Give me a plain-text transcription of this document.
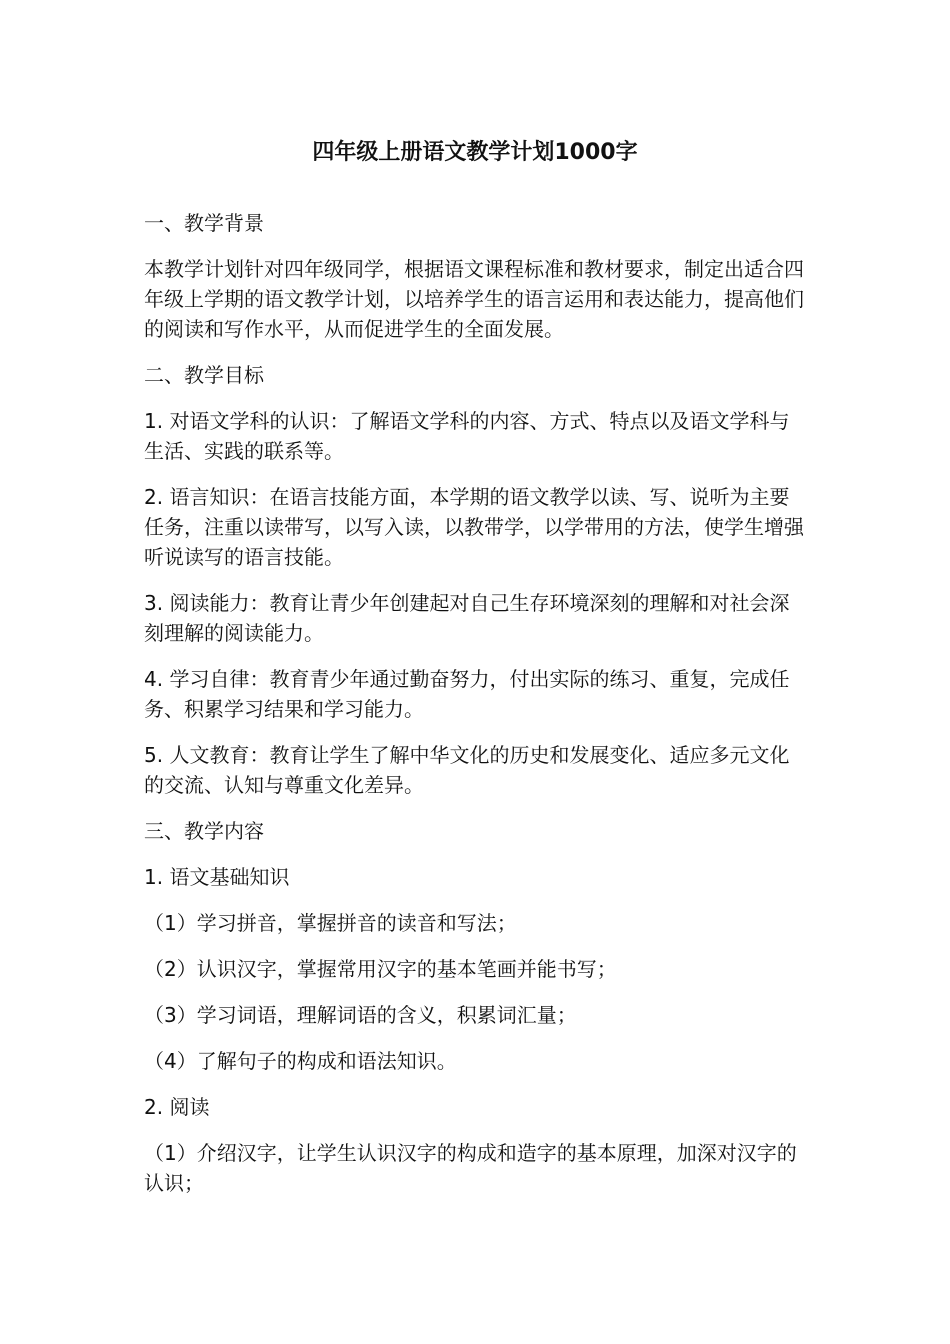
四年级上册语文教学计划1000字

一、教学背景

本教学计划针对四年级同学，根据语文课程标准和教材要求，制定出适合四年级上学期的语文教学计划，以培养学生的语言运用和表达能力，提高他们的阅读和写作水平，从而促进学生的全面发展。

二、教学目标

1. 对语文学科的认识：了解语文学科的内容、方式、特点以及语文学科与生活、实践的联系等。

2. 语言知识：在语言技能方面，本学期的语文教学以读、写、说听为主要任务，注重以读带写，以写入读，以教带学，以学带用的方法，使学生增强听说读写的语言技能。

3. 阅读能力：教育让青少年创建起对自己生存环境深刻的理解和对社会深刻理解的阅读能力。

4. 学习自律：教育青少年通过勤奋努力，付出实际的练习、重复，完成任务、积累学习结果和学习能力。

5. 人文教育：教育让学生了解中华文化的历史和发展变化、适应多元文化的交流、认知与尊重文化差异。

三、教学内容

1. 语文基础知识

（1）学习拼音，掌握拼音的读音和写法；

（2）认识汉字，掌握常用汉字的基本笔画并能书写；

（3）学习词语，理解词语的含义，积累词汇量；

（4）了解句子的构成和语法知识。

2. 阅读

（1）介绍汉字，让学生认识汉字的构成和造字的基本原理，加深对汉字的认识；
